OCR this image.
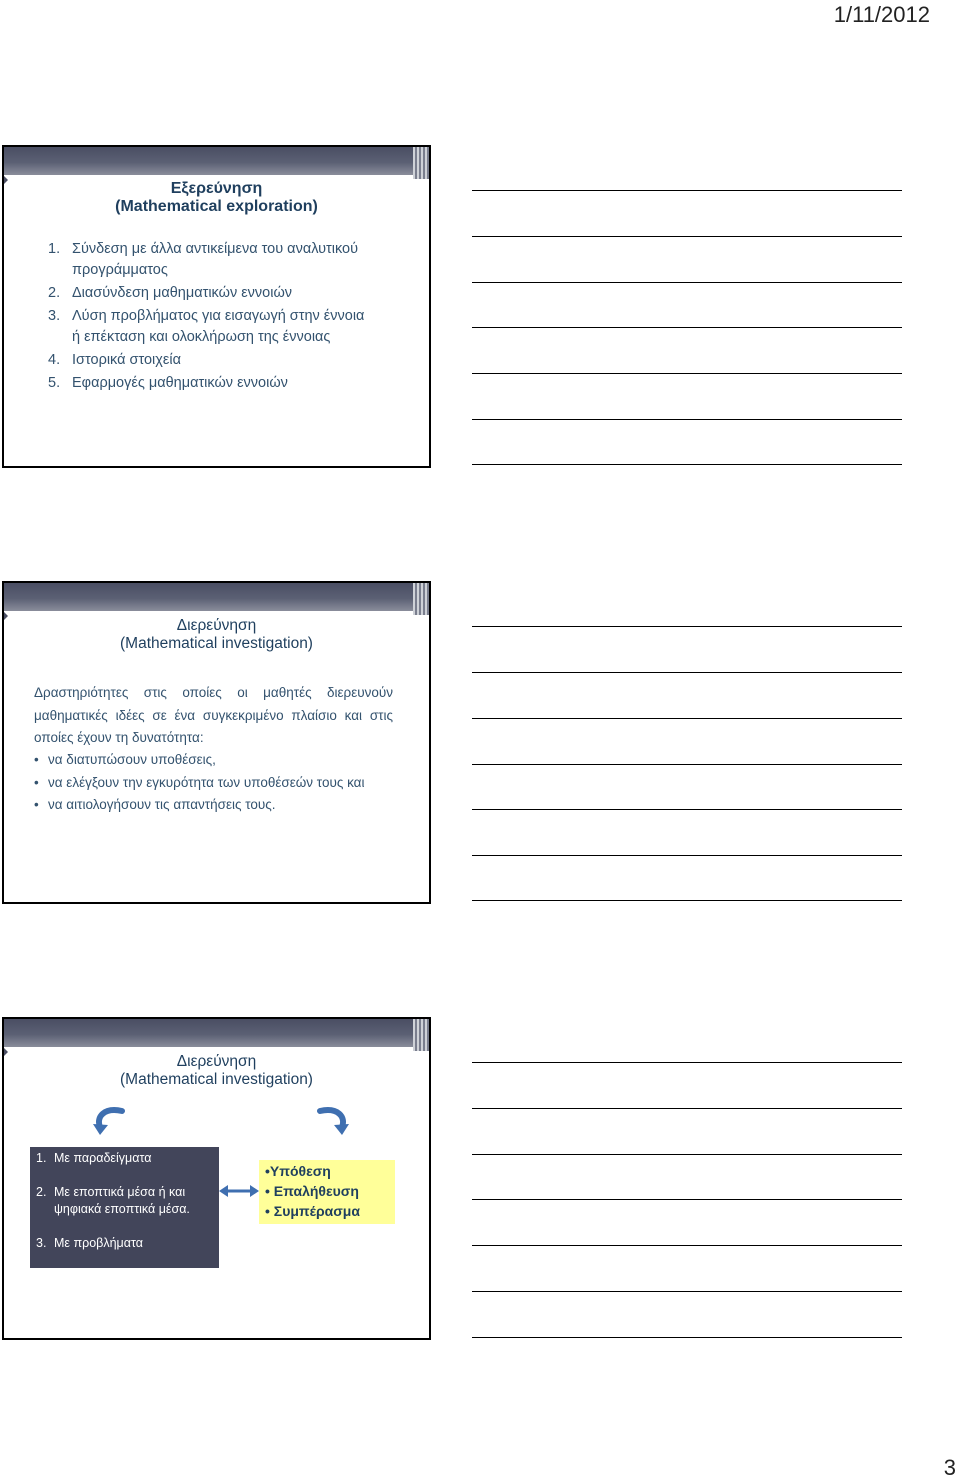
1/11/2012
Εξερεύνηση
(Mathematical exploration)
1. Σύνδεση με άλλα αντικείμενα του αναλυτικού
προγράμματος
2. Διασύνδεση μαθηματικών εννοιών
3. Λύση προβλήματος για εισαγωγή στην έννοια
ή επέκταση και ολοκλήρωση της έννοιας
4. Ιστορικά στοιχεία
5. Εφαρμογές μαθηματικών εννοιών
Διερεύνηση
(Mathematical investigation)
Δραστηριότητες στις οποίες οι μαθητές διερευνούν μαθηματικές ιδέες σε ένα συγκεκριμένο πλαίσιο και στις οποίες έχουν τη δυνατότητα:
• να διατυπώσουν υποθέσεις,
• να ελέγξουν την εγκυρότητα των υποθέσεών τους και
• να αιτιολογήσουν τις απαντήσεις τους.
Διερεύνηση
(Mathematical investigation)
1. Με παραδείγματα
2. Με εποπτικά μέσα ή και
ψηφιακά εποπτικά μέσα.
3. Με προβλήματα
•Υπόθεση
• Επαλήθευση
• Συμπέρασμα
3
